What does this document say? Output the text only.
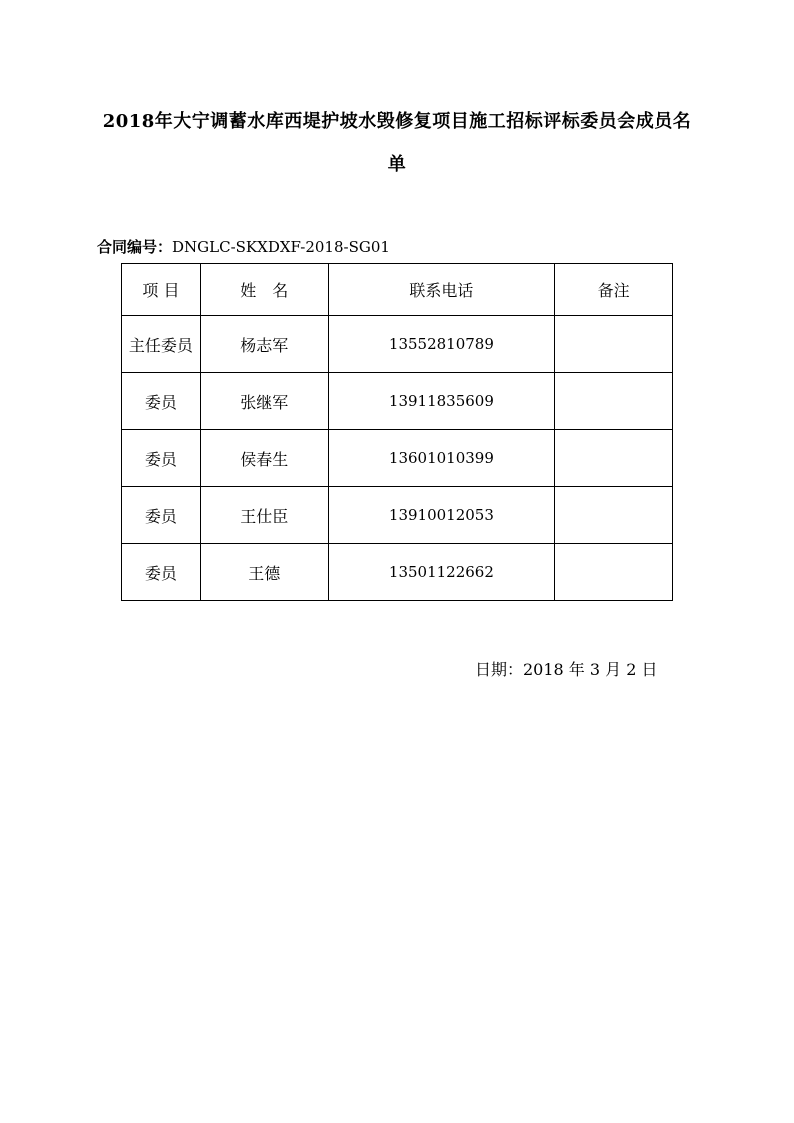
2018年大宁调蓄水库西堤护坡水毁修复项目施工招标评标委员会成员名
单
合同编号：DNGLC-SKXDXF-2018-SG01
项 目	姓　名	联系电话	备注
主任委员	杨志军	13552810789	
委员	张继军	13911835609	
委员	侯春生	13601010399	
委员	王仕臣	13910012053	
委员	王德	13501122662	
日期：2018 年 3 月 2 日
